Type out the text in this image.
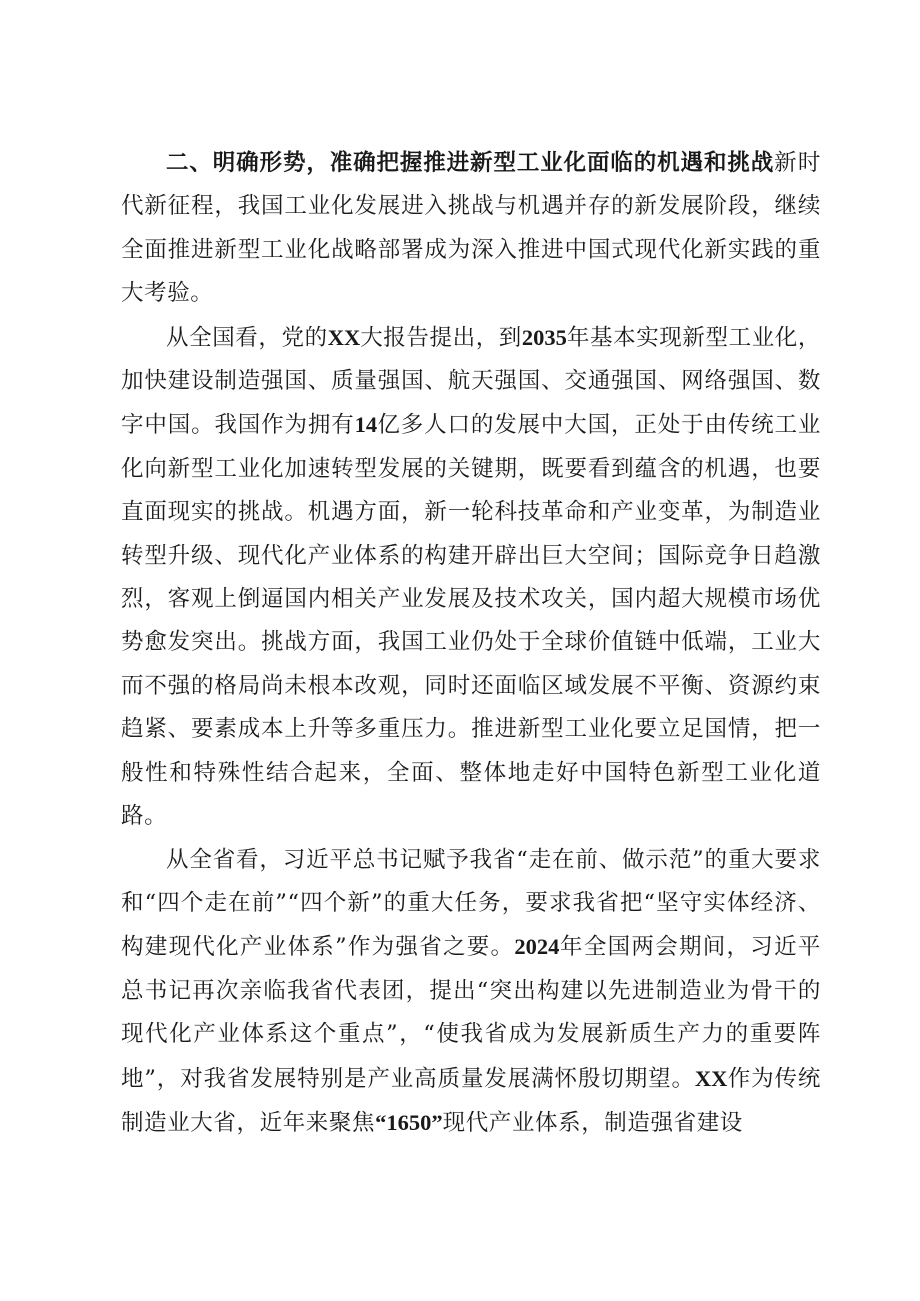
二、明确形势，准确把握推进新型工业化面临的机遇和挑战新时代新征程，我国工业化发展进入挑战与机遇并存的新发展阶段，继续全面推进新型工业化战略部署成为深入推进中国式现代化新实践的重大考验。

从全国看，党的XX大报告提出，到2035年基本实现新型工业化，加快建设制造强国、质量强国、航天强国、交通强国、网络强国、数字中国。我国作为拥有14亿多人口的发展中大国，正处于由传统工业化向新型工业化加速转型发展的关键期，既要看到蕴含的机遇，也要直面现实的挑战。机遇方面，新一轮科技革命和产业变革，为制造业转型升级、现代化产业体系的构建开辟出巨大空间；国际竞争日趋激烈，客观上倒逼国内相关产业发展及技术攻关，国内超大规模市场优势愈发突出。挑战方面，我国工业仍处于全球价值链中低端，工业大而不强的格局尚未根本改观，同时还面临区域发展不平衡、资源约束趋紧、要素成本上升等多重压力。推进新型工业化要立足国情，把一般性和特殊性结合起来，全面、整体地走好中国特色新型工业化道路。

从全省看，习近平总书记赋予我省“走在前、做示范”的重大要求和“四个走在前”“四个新”的重大任务，要求我省把“坚守实体经济、构建现代化产业体系”作为强省之要。2024年全国两会期间，习近平总书记再次亲临我省代表团，提出“突出构建以先进制造业为骨干的现代化产业体系这个重点”，“使我省成为发展新质生产力的重要阵地”，对我省发展特别是产业高质量发展满怀殷切期望。XX作为传统制造业大省，近年来聚焦“1650”现代产业体系，制造强省建设
